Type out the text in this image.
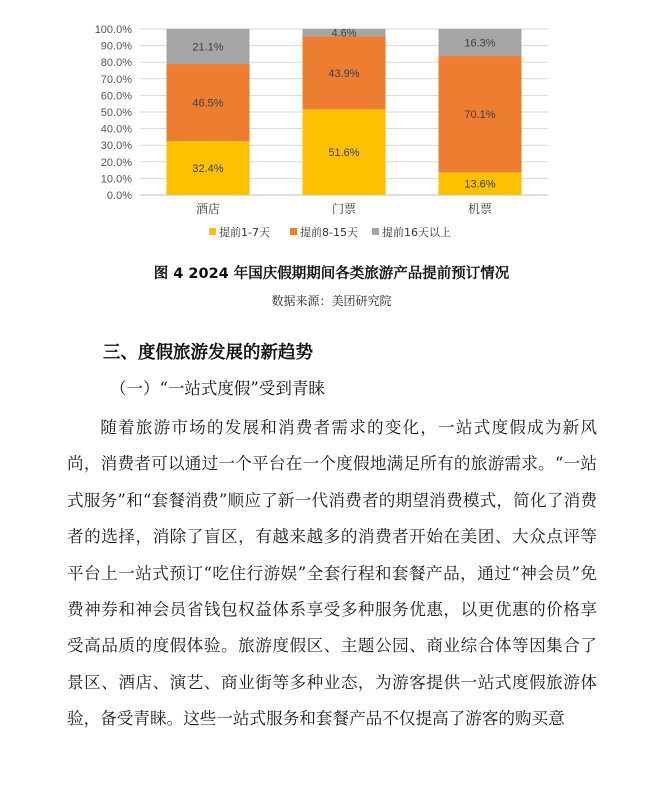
0.0%
10.0%
20.0%
30.0%
40.0%
50.0%
60.0%
70.0%
80.0%
90.0%
100.0%
32.4%
46.5%
21.1%
酒店
51.6%
43.9%
4.6%
门票
13.6%
70.1%
16.3%
机票
提前1-7天	提前8-15天 提前16天以上
图 4 2024 年国庆假期期间各类旅游产品提前预订情况
数据来源：美团研究院
三、度假旅游发展的新趋势
（一）“一站式度假”受到青睐

随着旅游市场的发展和消费者需求的变化，一站式度假成为新风尚，消费者可以通过一个平台在一个度假地满足所有的旅游需求。“一站式服务”和“套餐消费”顺应了新一代消费者的期望消费模式，简化了消费者的选择，消除了盲区，有越来越多的消费者开始在美团、大众点评等平台上一站式预订“吃住行游娱”全套行程和套餐产品，通过“神会员”免费神券和神会员省钱包权益体系享受多种服务优惠，以更优惠的价格享受高品质的度假体验。旅游度假区、主题公园、商业综合体等因集合了景区、酒店、演艺、商业街等多种业态，为游客提供一站式度假旅游体验，备受青睐。这些一站式服务和套餐产品不仅提高了游客的购买意
